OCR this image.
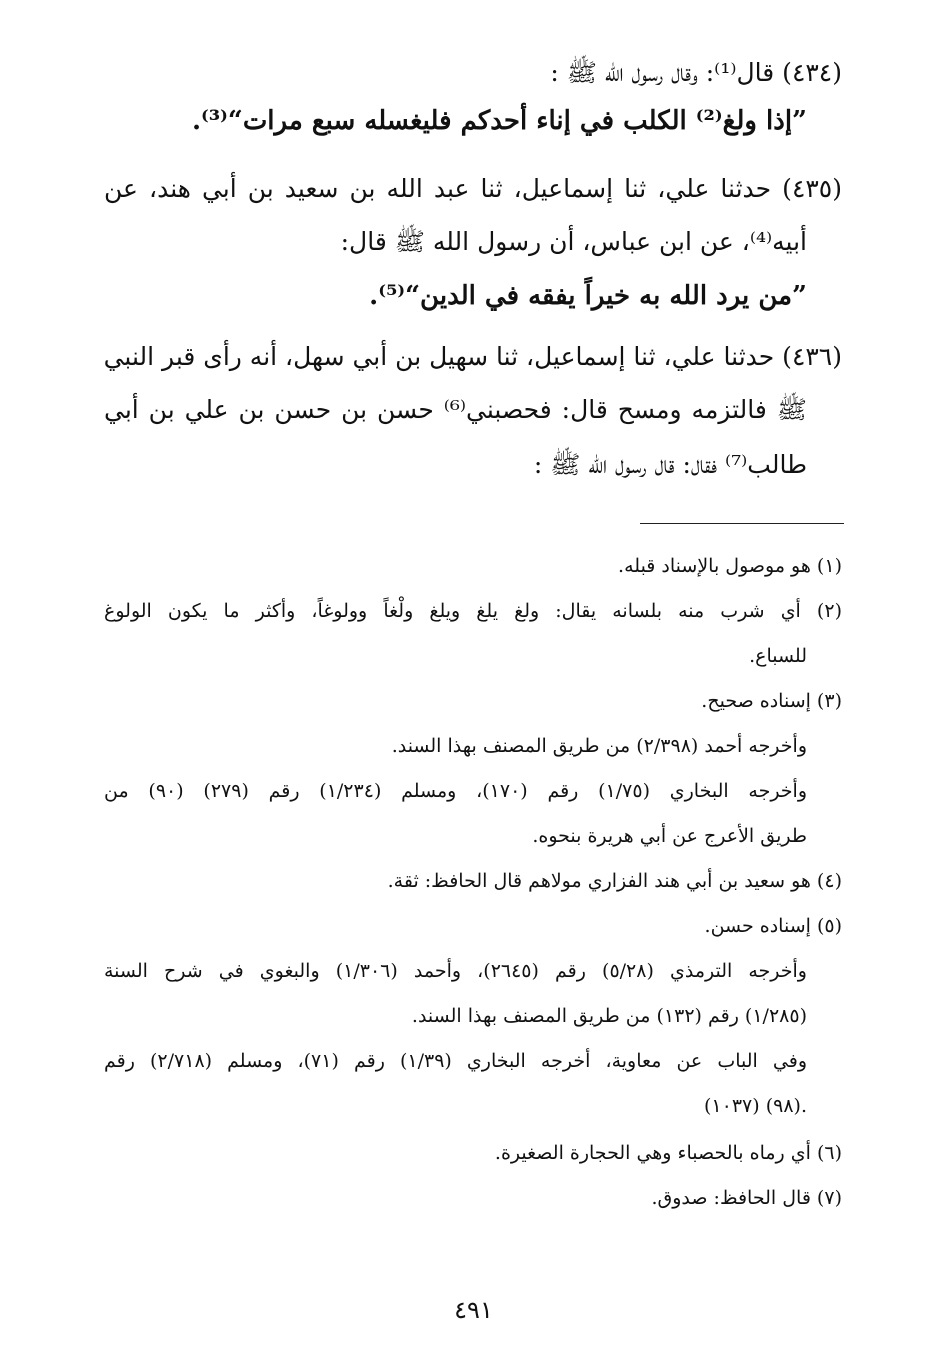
(٤٣٤) قال⁽¹⁾: وقال رسول الله ﷺ :
”إذا ولغ⁽²⁾ الكلب في إناء أحدكم فليغسله سبع مرات“⁽³⁾.
(٤٣٥) حدثنا علي، ثنا إسماعيل، ثنا عبد الله بن سعيد بن أبي هند، عن
أبيه⁽⁴⁾، عن ابن عباس، أن رسول الله ﷺ قال:
”من يرد الله به خيراً يفقه في الدين“⁽⁵⁾.
(٤٣٦) حدثنا علي، ثنا إسماعيل، ثنا سهيل بن أبي سهل، أنه رأى قبر النبي
ﷺ فالتزمه ومسح قال: فحصبني⁽⁶⁾ حسن بن حسن بن علي بن أبي
طالب⁽⁷⁾ فقال: قال رسول الله ﷺ :
(١) هو موصول بالإسناد قبله.
(٢) أي شرب منه بلسانه يقال: ولغ يلغ ويلغ ولْغاً وولوغاً، وأكثر ما يكون الولوغ
للسباع.
(٣) إسناده صحيح.
وأخرجه أحمد (٢/٣٩٨) من طريق المصنف بهذا السند.
وأخرجه البخاري (١/٧٥) رقم (١٧٠)، ومسلم (١/٢٣٤) رقم (٢٧٩) (٩٠) من
طريق الأعرج عن أبي هريرة بنحوه.
(٤) هو سعيد بن أبي هند الفزاري مولاهم قال الحافظ: ثقة.
(٥) إسناده حسن.
وأخرجه الترمذي (٥/٢٨) رقم (٢٦٤٥)، وأحمد (١/٣٠٦) والبغوي في شرح السنة
(١/٢٨٥) رقم (١٣٢) من طريق المصنف بهذا السند.
وفي الباب عن معاوية، أخرجه البخاري (١/٣٩) رقم (٧١)، ومسلم (٢/٧١٨) رقم
(١٠٣٧) (٩٨).
(٦) أي رماه بالحصباء وهي الحجارة الصغيرة.
(٧) قال الحافظ: صدوق.
٤٩١
